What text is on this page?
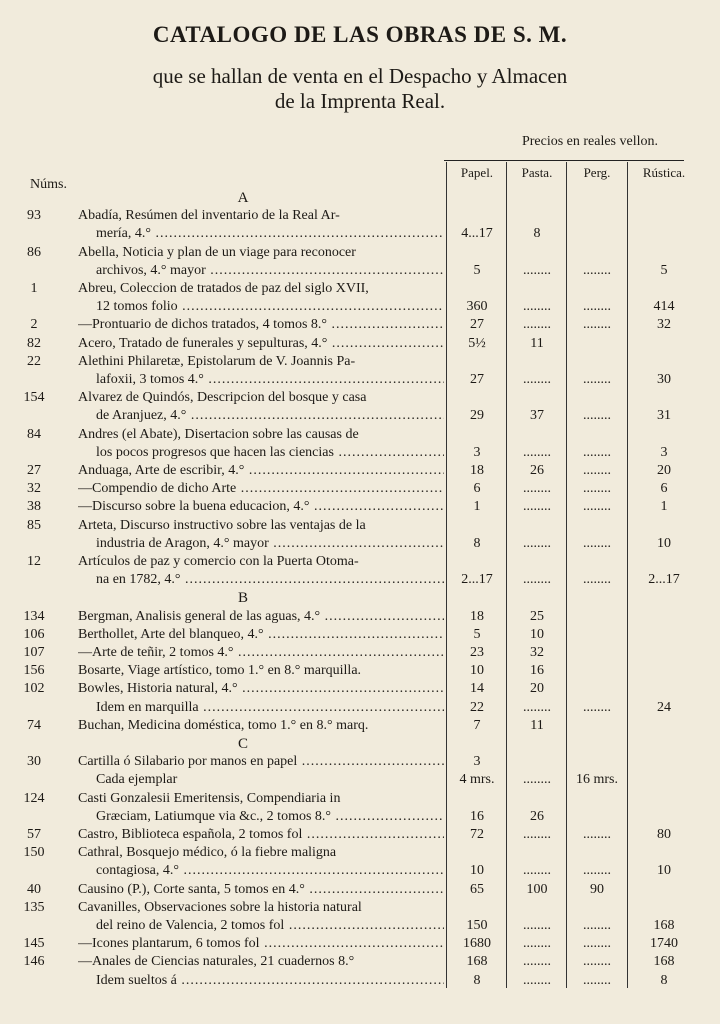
CATALOGO DE LAS OBRAS DE S. M.
que se hallan de venta en el Despacho y Almacen
de la Imprenta Real.
Precios en reales vellon.
Núms.
Papel.	Pasta.	Perg.	Rústica.
A
93	Abadía, Resúmen del inventario de la Real Ar-
mería, 4.° .....	4...17	8
86	Abella, Noticia y plan de un viage para reconocer
archivos, 4.° mayor .....	5	........	........	5
1	Abreu, Coleccion de tratados de paz del siglo XVII,
12 tomos folio .....	360	........	........	414
2	—Prontuario de dichos tratados, 4 tomos 8.° .....	27	........	........	32
82	Acero, Tratado de funerales y sepulturas, 4.° .....	5½	11
22	Alethini Philaretæ, Epistolarum de V. Joannis Pa-
lafoxii, 3 tomos 4.° .....	27	........	........	30
154	Alvarez de Quindós, Descripcion del bosque y casa
de Aranjuez, 4.° .....	29	37	........	31
84	Andres (el Abate), Disertacion sobre las causas de
los pocos progresos que hacen las ciencias .....	3	........	........	3
27	Anduaga, Arte de escribir, 4.° .....	18	26	........	20
32	—Compendio de dicho Arte .....	6	........	........	6
38	—Discurso sobre la buena educacion, 4.° .....	1	........	........	1
85	Arteta, Discurso instructivo sobre las ventajas de la
industria de Aragon, 4.° mayor .....	8	........	........	10
12	Artículos de paz y comercio con la Puerta Otoma-
na en 1782, 4.° .....	2...17	........	........	2...17
B
134	Bergman, Analisis general de las aguas, 4.° .....	18	25
106	Berthollet, Arte del blanqueo, 4.° .....	5	10
107	—Arte de teñir, 2 tomos 4.° .....	23	32
156	Bosarte, Viage artístico, tomo 1.° en 8.° marquilla.	10	16
102	Bowles, Historia natural, 4.° .....	14	20
Idem en marquilla .....	22	........	........	24
74	Buchan, Medicina doméstica, tomo 1.° en 8.° marq.	7	11
C
30	Cartilla ó Silabario por manos en papel .....	3
Cada ejemplar	4 mrs.	........	16 mrs.
124	Casti Gonzalesii Emeritensis, Compendiaria in
Græciam, Latiumque via &c., 2 tomos 8.° .....	16	26
57	Castro, Biblioteca española, 2 tomos fol .....	72	........	........	80
150	Cathral, Bosquejo médico, ó la fiebre maligna
contagiosa, 4.° .....	10	........	........	10
40	Causino (P.), Corte santa, 5 tomos en 4.° .....	65	100	90
135	Cavanilles, Observaciones sobre la historia natural
del reino de Valencia, 2 tomos fol .....	150	........	........	168
145	—Icones plantarum, 6 tomos fol .....	1680	........	........	1740
146	—Anales de Ciencias naturales, 21 cuadernos 8.°	168	........	........	168
Idem sueltos á .....	8	........	........	8
